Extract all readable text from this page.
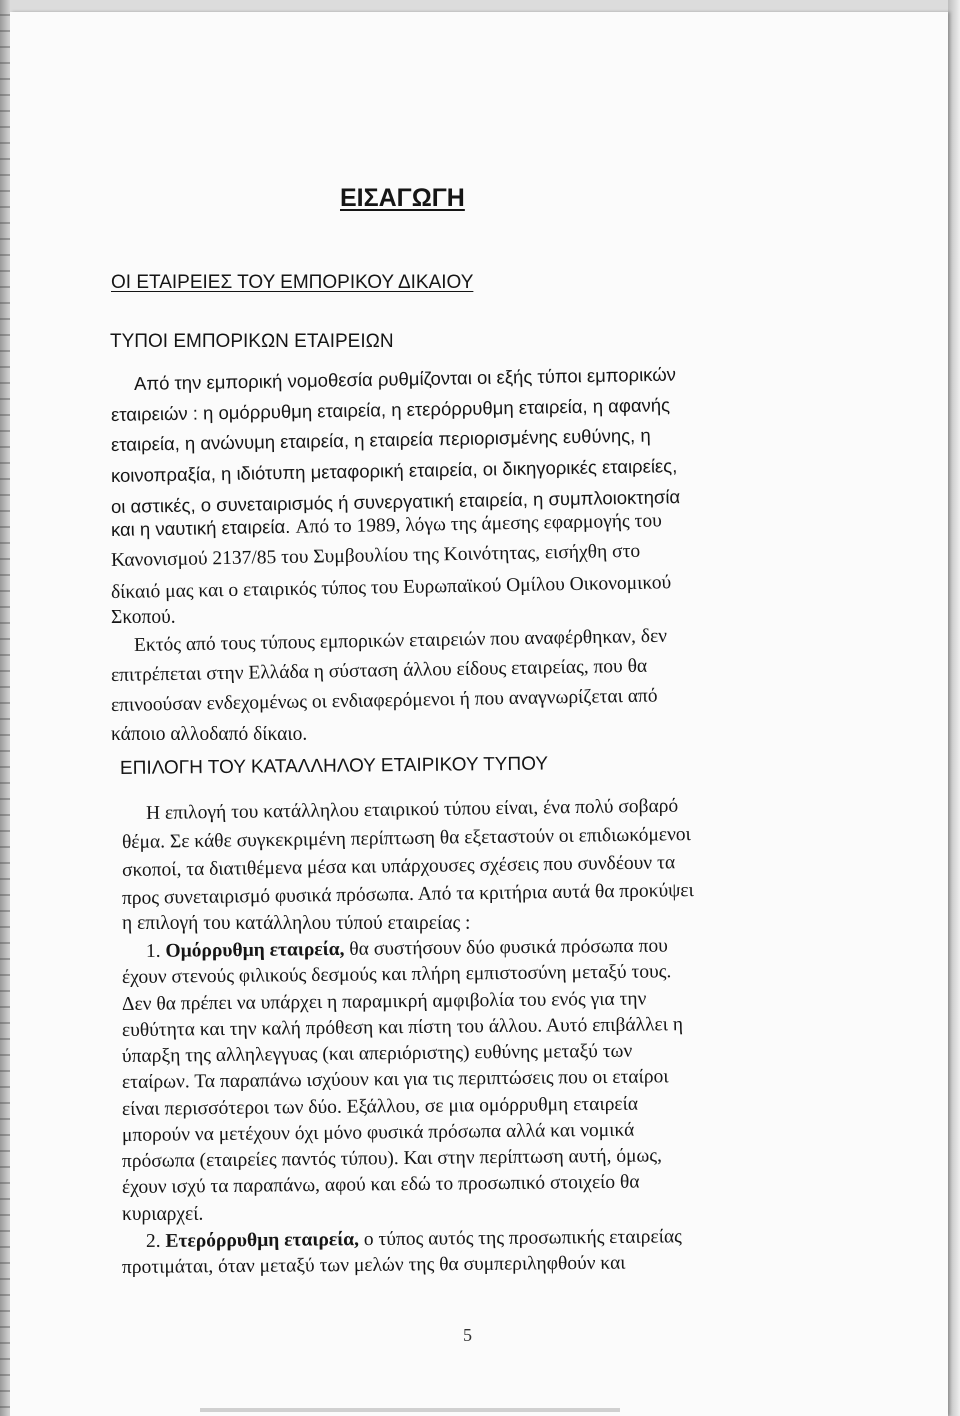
ΕΙΣΑΓΩΓΗ

ΟΙ ΕΤΑΙΡΕΙΕΣ ΤΟΥ ΕΜΠΟΡΙΚΟΥ ΔΙΚΑΙΟΥ

ΤΥΠΟΙ ΕΜΠΟΡΙΚΩΝ ΕΤΑΙΡΕΙΩΝ

Από την εμπορική νομοθεσία ρυθμίζονται οι εξής τύποι εμπορικών

εταιρειών : η ομόρρυθμη εταιρεία, η ετερόρρυθμη εταιρεία, η αφανής

εταιρεία, η ανώνυμη εταιρεία, η εταιρεία περιορισμένης ευθύνης, η

κοινοπραξία, η ιδιότυπη μεταφορική εταιρεία, οι δικηγορικές εταιρείες,

οι αστικές, ο συνεταιρισμός ή συνεργατική εταιρεία, η συμπλοιοκτησία

και η ναυτική εταιρεία. Από το 1989, λόγω της άμεσης εφαρμογής του

Κανονισμού 2137/85 του Συμβουλίου της Κοινότητας, εισήχθη στο

δίκαιό μας και ο εταιρικός τύπος του Ευρωπαϊκού Ομίλου Οικονομικού

Σκοπού.

Εκτός από τους τύπους εμπορικών εταιρειών που αναφέρθηκαν, δεν

επιτρέπεται στην Ελλάδα η σύσταση άλλου είδους εταιρείας, που θα

επινοούσαν ενδεχομένως οι ενδιαφερόμενοι ή που αναγνωρίζεται από

κάποιο αλλοδαπό δίκαιο.

ΕΠΙΛΟΓΗ ΤΟΥ ΚΑΤΑΛΛΗΛΟΥ ΕΤΑΙΡΙΚΟΥ ΤΥΠΟΥ

Η επιλογή του κατάλληλου εταιρικού τύπου είναι, ένα πολύ σοβαρό

θέμα. Σε κάθε συγκεκριμένη περίπτωση θα εξεταστούν οι επιδιωκόμενοι

σκοποί, τα διατιθέμενα μέσα και υπάρχουσες σχέσεις που συνδέουν τα

προς συνεταιρισμό φυσικά πρόσωπα. Από τα κριτήρια αυτά θα προκύψει

η επιλογή του κατάλληλου τύπού εταιρείας :

1. Ομόρρυθμη εταιρεία, θα συστήσουν δύο φυσικά πρόσωπα που

έχουν στενούς φιλικούς δεσμούς και πλήρη εμπιστοσύνη μεταξύ τους.

Δεν θα πρέπει να υπάρχει η παραμικρή αμφιβολία του ενός για την

ευθύτητα και την καλή πρόθεση και πίστη του άλλου. Αυτό επιβάλλει η

ύπαρξη της αλληλεγγυας (και απεριόριστης) ευθύνης μεταξύ των

εταίρων. Τα παραπάνω ισχύουν και για τις περιπτώσεις που οι εταίροι

είναι περισσότεροι των δύο. Εξάλλου, σε μια ομόρρυθμη εταιρεία

μπορούν να μετέχουν όχι μόνο φυσικά πρόσωπα αλλά και νομικά

πρόσωπα (εταιρείες παντός τύπου). Και στην περίπτωση αυτή, όμως,

έχουν ισχύ τα παραπάνω, αφού και εδώ το προσωπικό στοιχείο θα

κυριαρχεί.

2. Ετερόρρυθμη εταιρεία, ο τύπος αυτός της προσωπικής εταιρείας

προτιμάται, όταν μεταξύ των μελών της θα συμπεριληφθούν και

5
